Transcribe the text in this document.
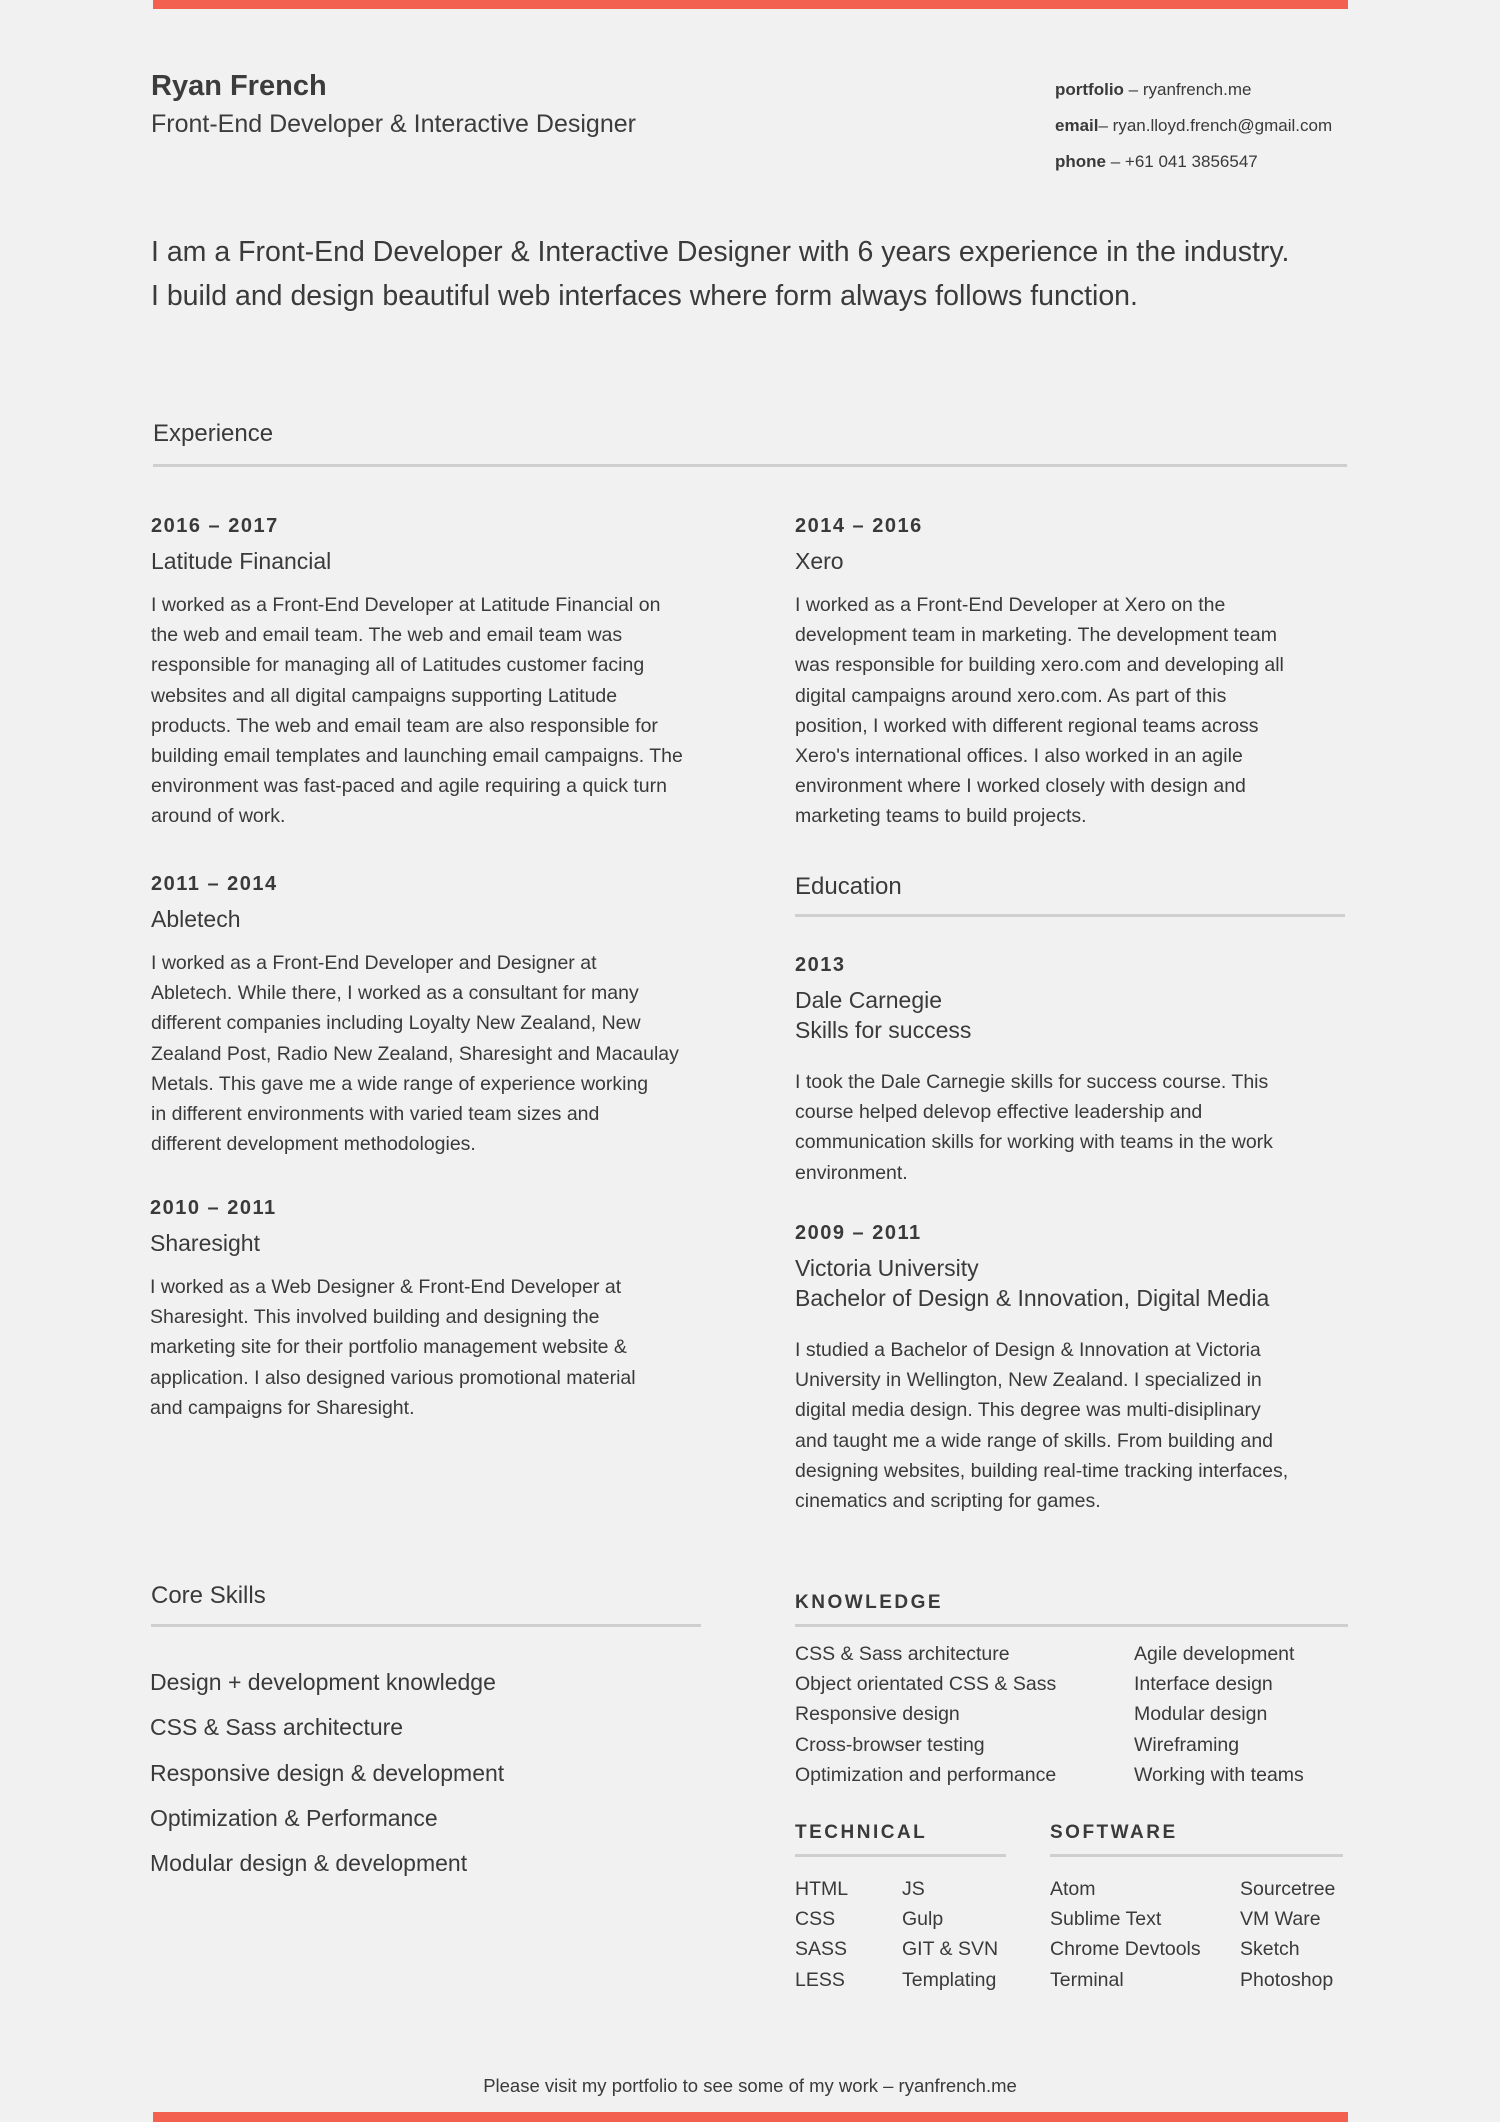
Ryan French
Front-End Developer & Interactive Designer
portfolio – ryanfrench.me
email– ryan.lloyd.french@gmail.com
phone – +61 041 3856547
I am a Front-End Developer & Interactive Designer with 6 years experience in the industry.
I build and design beautiful web interfaces where form always follows function.
Experience
2016 – 2017
Latitude Financial
I worked as a Front-End Developer at Latitude Financial on
the web and email team. The web and email team was
responsible for managing all of Latitudes customer facing
websites and all digital campaigns supporting Latitude
products. The web and email team are also responsible for
building email templates and launching email campaigns. The
environment was fast-paced and agile requiring a quick turn
around of work.
2014 – 2016
Xero
I worked as a Front-End Developer at Xero on the
development team in marketing. The development team
was responsible for building xero.com and developing all
digital campaigns around xero.com. As part of this
position, I worked with different regional teams across
Xero's international offices. I also worked in an agile
environment where I worked closely with design and
marketing teams to build projects.
2011 – 2014
Abletech
I worked as a Front-End Developer and Designer at
Abletech. While there, I worked as a consultant for many
different companies including Loyalty New Zealand, New
Zealand Post, Radio New Zealand, Sharesight and Macaulay
Metals. This gave me a wide range of experience working
in different environments with varied team sizes and
different development methodologies.
2010 – 2011
Sharesight
I worked as a Web Designer & Front-End Developer at
Sharesight. This involved building and designing the
marketing site for their portfolio management website &
application. I also designed various promotional material
and campaigns for Sharesight.
Education
2013
Dale Carnegie
Skills for success
I took the Dale Carnegie skills for success course. This
course helped delevop effective leadership and
communication skills for working with teams in the work
environment.
2009 – 2011
Victoria University
Bachelor of Design & Innovation, Digital Media
I studied a Bachelor of Design & Innovation at Victoria
University in Wellington, New Zealand. I specialized in
digital media design. This degree was multi-disiplinary
and taught me a wide range of skills. From building and
designing websites, building real-time tracking interfaces,
cinematics and scripting for games.
Core Skills
Design + development knowledge
CSS & Sass architecture
Responsive design & development
Optimization & Performance
Modular design & development
KNOWLEDGE
CSS & Sass architecture
Object orientated CSS & Sass
Responsive design
Cross-browser testing
Optimization and performance
Agile development
Interface design
Modular design
Wireframing
Working with teams
TECHNICAL
HTML
CSS
SASS
LESS
JS
Gulp
GIT & SVN
Templating
SOFTWARE
Atom
Sublime Text
Chrome Devtools
Terminal
Sourcetree
VM Ware
Sketch
Photoshop
Please visit my portfolio to see some of my work – ryanfrench.me
